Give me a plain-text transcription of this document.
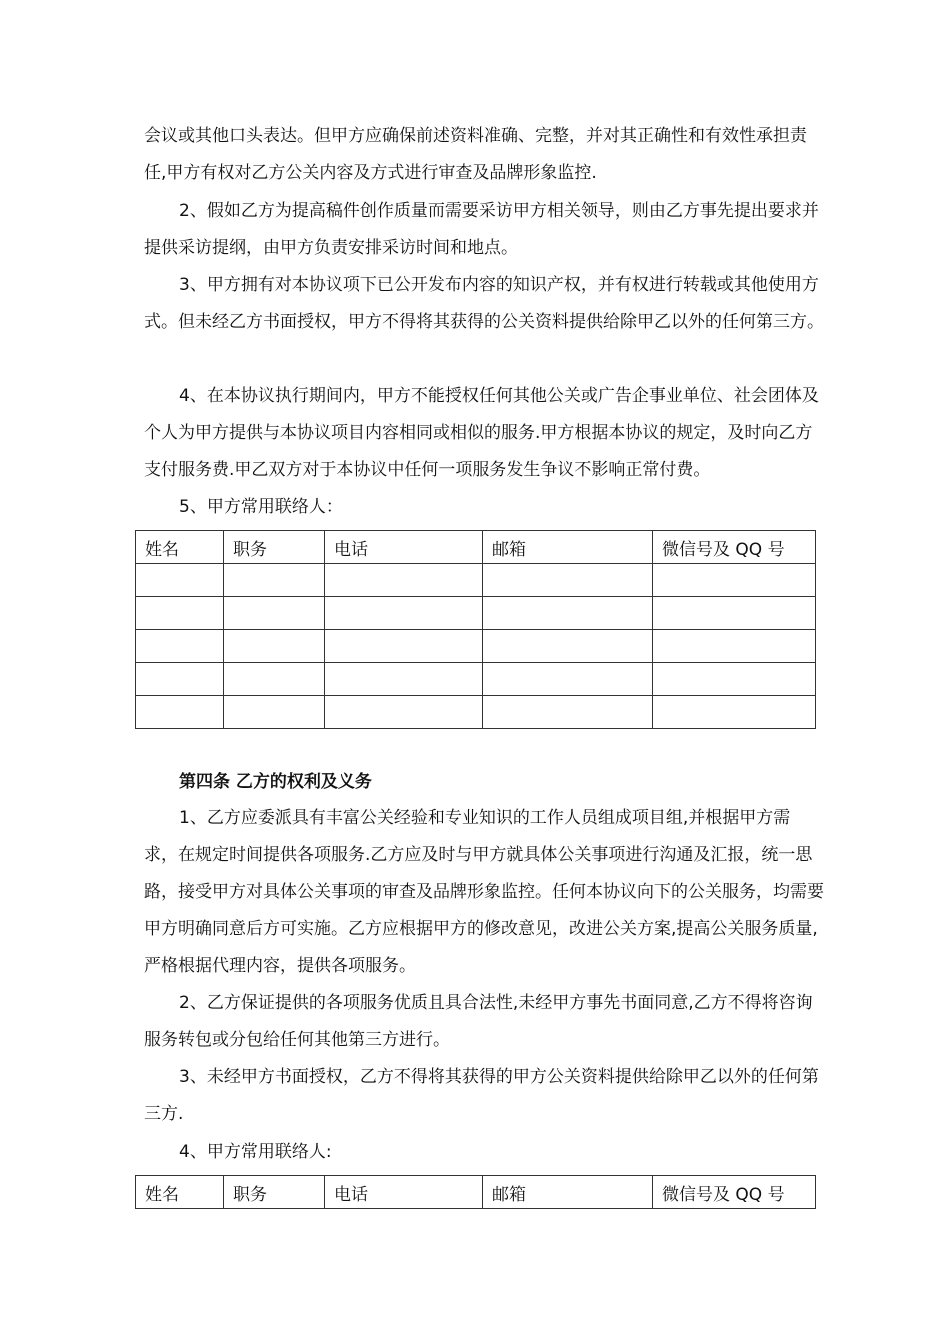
会议或其他口头表达。但甲方应确保前述资料准确、完整，并对其正确性和有效性承担责任,甲方有权对乙方公关内容及方式进行审查及品牌形象监控.

2、假如乙方为提高稿件创作质量而需要采访甲方相关领导，则由乙方事先提出要求并提供采访提纲，由甲方负责安排采访时间和地点。

3、甲方拥有对本协议项下已公开发布内容的知识产权，并有权进行转载或其他使用方式。但未经乙方书面授权，甲方不得将其获得的公关资料提供给除甲乙以外的任何第三方。

4、在本协议执行期间内，甲方不能授权任何其他公关或广告企事业单位、社会团体及个人为甲方提供与本协议项目内容相同或相似的服务.甲方根据本协议的规定，及时向乙方支付服务费.甲乙双方对于本协议中任何一项服务发生争议不影响正常付费。

5、甲方常用联络人：

姓名	职务	电话	邮箱	微信号及 QQ 号

第四条 乙方的权利及义务

1、乙方应委派具有丰富公关经验和专业知识的工作人员组成项目组,并根据甲方需求，在规定时间提供各项服务.乙方应及时与甲方就具体公关事项进行沟通及汇报，统一思路，接受甲方对具体公关事项的审查及品牌形象监控。任何本协议向下的公关服务，均需要甲方明确同意后方可实施。乙方应根据甲方的修改意见，改进公关方案,提高公关服务质量,严格根据代理内容，提供各项服务。

2、乙方保证提供的各项服务优质且具合法性,未经甲方事先书面同意,乙方不得将咨询服务转包或分包给任何其他第三方进行。

3、未经甲方书面授权，乙方不得将其获得的甲方公关资料提供给除甲乙以外的任何第三方.

4、甲方常用联络人:

姓名	职务	电话	邮箱	微信号及 QQ 号
